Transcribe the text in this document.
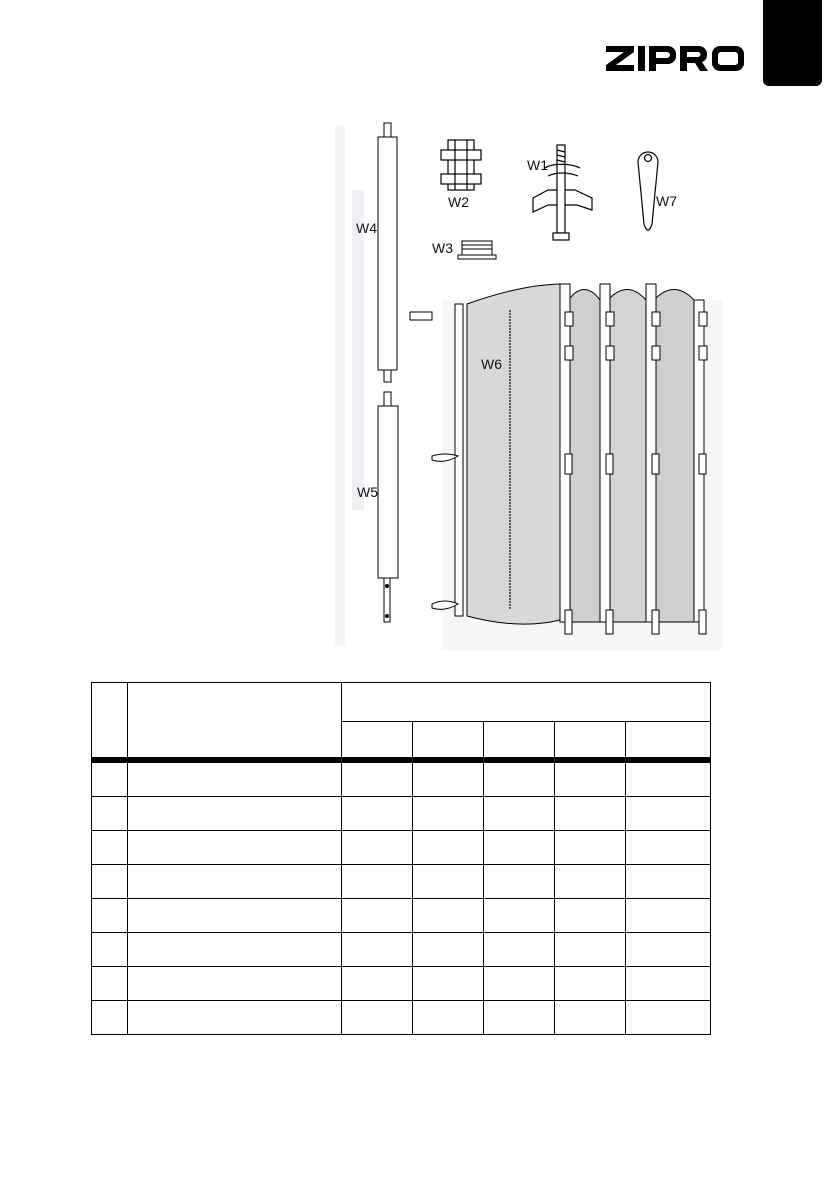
W1
W2
W3
W4
W5
W6
W7
